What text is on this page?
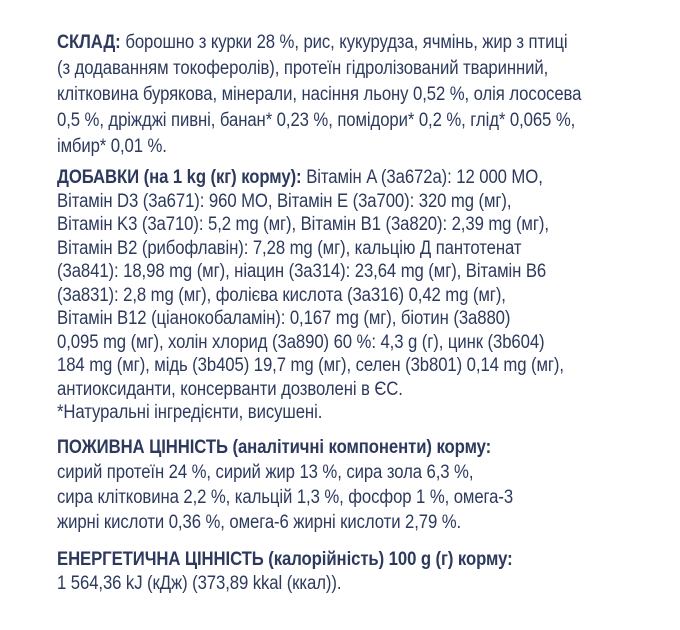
СКЛАД: борошно з курки 28 %, рис, кукурудза, ячмінь, жир з птиці
(з додаванням токоферолів), протеїн гідролізований тваринний,
клітковина бурякова, мінерали, насіння льону 0,52 %, олія лососева
0,5 %, дріжджі пивні, банан* 0,23 %, помідори* 0,2 %, глід* 0,065 %,
імбир* 0,01 %.
ДОБАВКИ (на 1 kg (кг) корму): Вітамін A (3a672a): 12 000 МО,
Вітамін D3 (3a671): 960 МО, Вітамін E (3a700): 320 mg (мг),
Вітамін K3 (3a710): 5,2 mg (мг), Вітамін B1 (3a820): 2,39 mg (мг),
Вітамін B2 (рибофлавін): 7,28 mg (мг), кальцію Д пантотенат
(3a841): 18,98 mg (мг), ніацин (3a314): 23,64 mg (мг), Вітамін B6
(3a831): 2,8 mg (мг), фолієва кислота (3a316) 0,42 mg (мг),
Вітамін B12 (ціанокобаламін): 0,167 mg (мг), біотин (3a880)
0,095 mg (мг), холін хлорид (3a890) 60 %: 4,3 g (г), цинк (3b604)
184 mg (мг), мідь (3b405) 19,7 mg (мг), селен (3b801) 0,14 mg (мг),
антиоксиданти, консерванти дозволені в ЄС.
*Натуральні інгредієнти, висушені.
ПОЖИВНА ЦІННІСТЬ (аналітичні компоненти) корму:
сирий протеїн 24 %, сирий жир 13 %, сира зола 6,3 %,
сира клітковина 2,2 %, кальцій 1,3 %, фосфор 1 %, омега-3
жирні кислоти 0,36 %, омега-6 жирні кислоти 2,79 %.
ЕНЕРГЕТИЧНА ЦІННІСТЬ (калорійність) 100 g (г) корму:
1 564,36 kJ (кДж) (373,89 kkal (ккал)).
